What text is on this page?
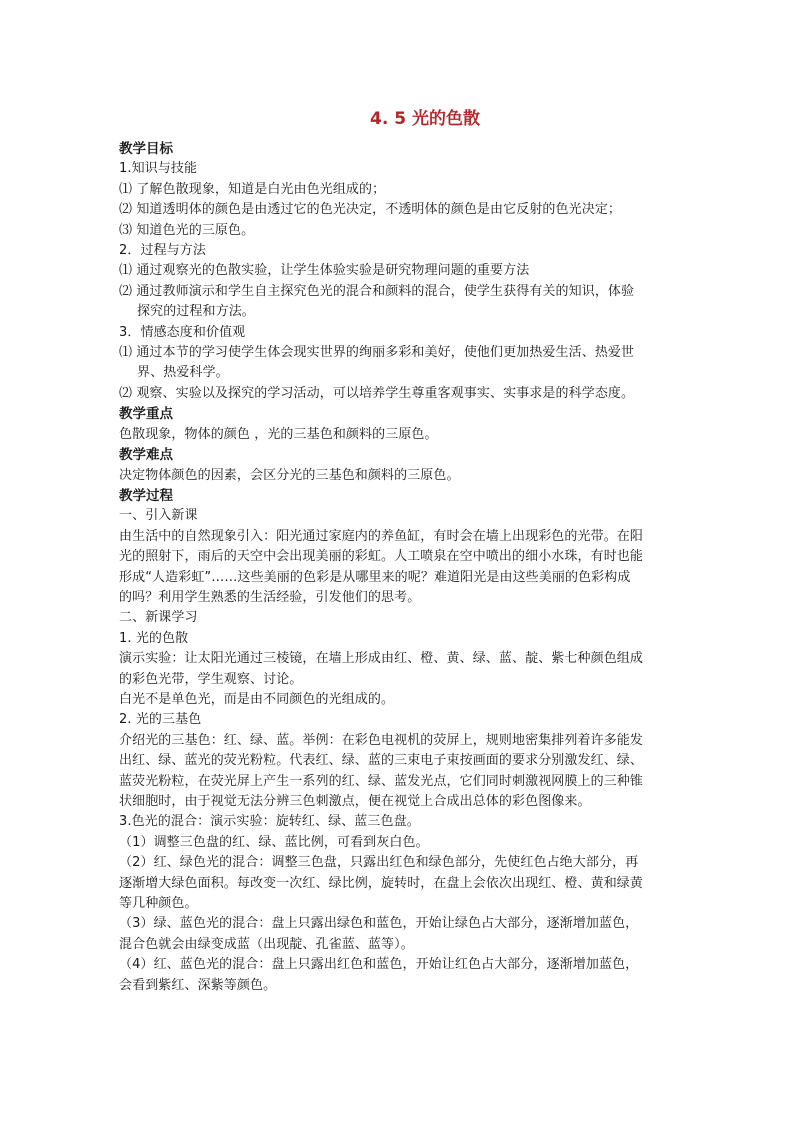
4. 5 光的色散
教学目标
1.知识与技能
⑴ 了解色散现象，知道是白光由色光组成的；
⑵ 知道透明体的颜色是由透过它的色光决定，不透明体的颜色是由它反射的色光决定；
⑶ 知道色光的三原色。
2．过程与方法
⑴ 通过观察光的色散实验，让学生体验实验是研究物理问题的重要方法
⑵ 通过教师演示和学生自主探究色光的混合和颜料的混合，使学生获得有关的知识，体验
探究的过程和方法。
3．情感态度和价值观
⑴ 通过本节的学习使学生体会现实世界的绚丽多彩和美好，使他们更加热爱生活、热爱世
界、热爱科学。
⑵ 观察、实验以及探究的学习活动，可以培养学生尊重客观事实、实事求是的科学态度。
教学重点
色散现象，物体的颜色 ，光的三基色和颜料的三原色。
教学难点
决定物体颜色的因素，会区分光的三基色和颜料的三原色。
教学过程
一、引入新课
由生活中的自然现象引入：阳光通过家庭内的养鱼缸，有时会在墙上出现彩色的光带。在阳
光的照射下，雨后的天空中会出现美丽的彩虹。人工喷泉在空中喷出的细小水珠，有时也能
形成“人造彩虹”……这些美丽的色彩是从哪里来的呢？难道阳光是由这些美丽的色彩构成
的吗？利用学生熟悉的生活经验，引发他们的思考。
二、新课学习
1. 光的色散
演示实验：让太阳光通过三棱镜，在墙上形成由红、橙、黄、绿、蓝、靛、紫七种颜色组成
的彩色光带，学生观察、讨论。
白光不是单色光，而是由不同颜色的光组成的。
2. 光的三基色
介绍光的三基色：红、绿、蓝。举例：在彩色电视机的荧屏上，规则地密集排列着许多能发
出红、绿、蓝光的荧光粉粒。代表红、绿、蓝的三束电子束按画面的要求分别激发红、绿、
蓝荧光粉粒，在荧光屏上产生一系列的红、绿、蓝发光点，它们同时刺激视网膜上的三种锥
状细胞时，由于视觉无法分辨三色刺激点，便在视觉上合成出总体的彩色图像来。
3.色光的混合：演示实验：旋转红、绿、蓝三色盘。
（1）调整三色盘的红、绿、蓝比例，可看到灰白色。
（2）红、绿色光的混合：调整三色盘，只露出红色和绿色部分，先使红色占绝大部分，再
逐渐增大绿色面积。每改变一次红、绿比例，旋转时，在盘上会依次出现红、橙、黄和绿黄
等几种颜色。
（3）绿、蓝色光的混合：盘上只露出绿色和蓝色，开始让绿色占大部分，逐渐增加蓝色，
混合色就会由绿变成蓝（出现靛、孔雀蓝、蓝等）。
（4）红、蓝色光的混合：盘上只露出红色和蓝色，开始让红色占大部分，逐渐增加蓝色，
会看到紫红、深紫等颜色。
